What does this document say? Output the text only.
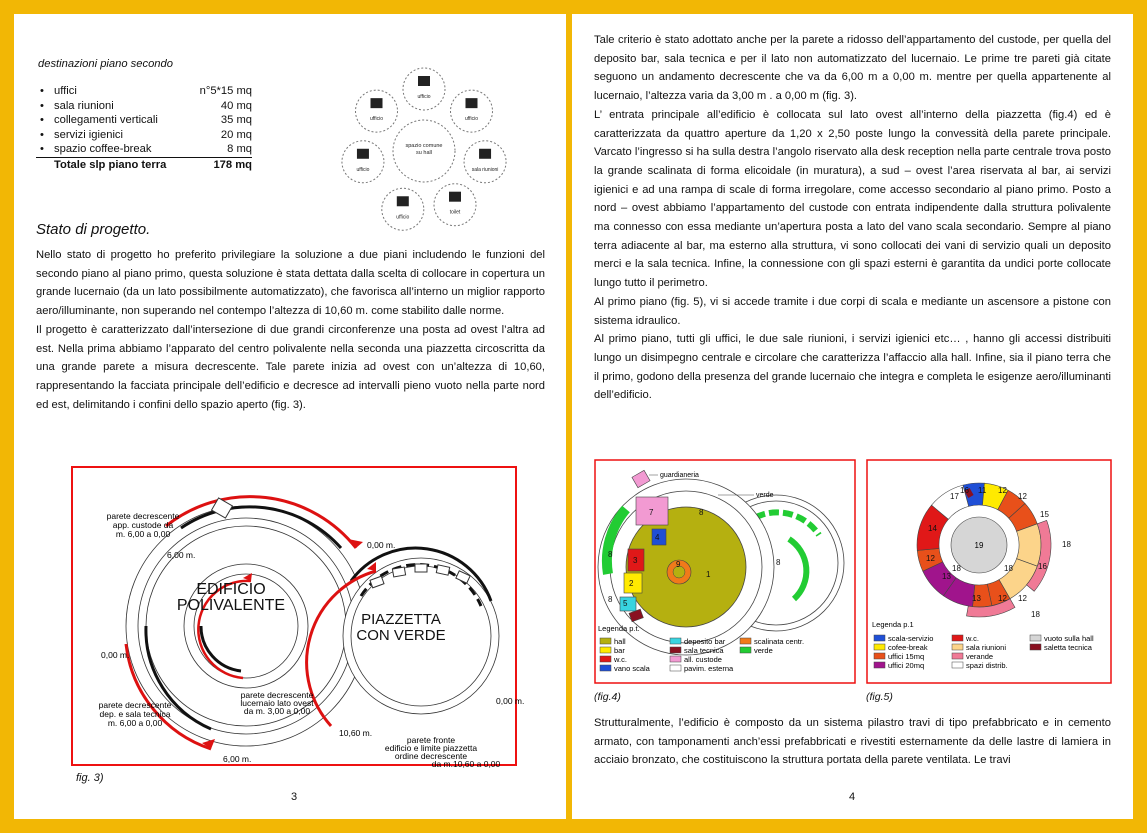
destinazioni piano secondo
• uffici	n°5*15 mq
• sala riunioni	40 mq
• collegamenti verticali	35 mq
• servizi igienici	20 mq
• spazio coffee-break	8 mq
Totale slp piano terra	178 mq
spazio comune
su hall
ufficio
ufficio	ufficio
sala riunioni
toilet
ufficio
ufficio
Stato di progetto.

Nello stato di progetto ho preferito privilegiare la soluzione a due piani includendo le funzioni del secondo piano al piano primo, questa soluzione è stata dettata dalla scelta di collocare in copertura un grande lucernaio (da un lato possibilmente automatizzato), che favorisca all’interno un miglior rapporto aero/illuminante, non superando nel contempo l’altezza di 10,60 m. come stabilito dalle norme.

Il progetto è caratterizzato dall’intersezione di due grandi circonferenze una posta ad ovest l’altra ad est. Nella prima abbiamo l’apparato del centro polivalente nella seconda una piazzetta circoscritta da una grande parete a misura decrescente. Tale parete inizia ad ovest con un’altezza di 10,60, rappresentando la facciata principale dell’edificio e decresce ad intervalli pieno vuoto nella parte nord ed est, delimitando i confini dello spazio aperto (fig. 3).

EDIFICIO
POLIVALENTE
PIAZZETTA
CON VERDE
parete decrescente
app. custode da
m. 6,00 a 0,00
6,00 m.
0,00 m.
0,00 m.
parete decrescente
dep. e sala tecnica
m. 6,00 a 0,00
6,00 m.
parete decrescente
lucernaio lato ovest
da m. 3,00 a 0,00
10,60 m.
0,00 m.
parete fronte
edificio e limite piazzetta
ordine decrescente
da m.10,60 a 0,00
fig. 3)
3

Tale criterio è stato adottato anche per la parete a ridosso dell’appartamento del custode, per quella del deposito bar, sala tecnica e per il lato non automatizzato del lucernaio. Le prime tre pareti già citate seguono un andamento decrescente che va da 6,00 m a 0,00 m. mentre per quella appartenente al lucernaio, l’altezza varia da 3,00 m . a 0,00 m (fig. 3).

L’ entrata principale all’edificio è collocata sul lato ovest all’interno della piazzetta (fig.4) ed è caratterizzata da quattro aperture da 1,20 x 2,50 poste lungo la convessità della parete principale. Varcato l’ingresso si ha sulla destra l’angolo riservato alla desk reception nella parte centrale trova posto la grande scalinata di forma elicoidale (in muratura), a sud – ovest l’area riservata al bar, ai servizi igienici e ad una rampa di scale di forma irregolare, come accesso secondario al piano primo. Posto a nord – ovest abbiamo l’appartamento del custode con entrata indipendente dalla struttura polivalente ma connesso con essa mediante un’apertura posta a lato del vano scala secondario. Sempre al piano terra adiacente al bar, ma esterno alla struttura, vi sono collocati dei vani di servizio quali un deposito merci e la sala tecnica. Infine, la connessione con gli spazi esterni è garantita da undici porte collocate lungo tutto il perimetro.

Al primo piano (fig. 5), vi si accede tramite i due corpi di scala e mediante un ascensore a pistone con sistema idraulico.

Al primo piano, tutti gli uffici, le due sale riunioni, i servizi igienici etc… , hanno gli accessi distribuiti lungo un disimpegno centrale e circolare che caratterizza l’affaccio alla hall. Infine, sia il piano terra che il primo, godono della presenza del grande lucernaio che integra e completa le esigenze aero/illuminanti dell’edificio.

guardianeria
verde
7	8
4
3
2
5
9
1
8
8
8
Legenda p.t.
hall
bar
w.c.
vano scala
deposito bar
sala tecnica
all. custode
pavim. esterna
scalinata centr.
verde
(fig.4)
19
11
16	12
12
15
18
16
12
12
13
13
12
14
17
18	18
18
Legenda p.1
scala-servizio
cofee-break
uffici 15mq
uffici 20mq
w.c.
sala riunioni
verande
spazi distrib.
vuoto sulla hall
saletta tecnica
(fig.5)

Strutturalmente, l’edificio è composto da un sistema pilastro travi di tipo prefabbricato e in cemento armato, con tamponamenti anch’essi prefabbricati e rivestiti esternamente da delle lastre di lamiera in acciaio bronzato, che costituiscono la struttura portata della parete ventilata. Le travi

4
